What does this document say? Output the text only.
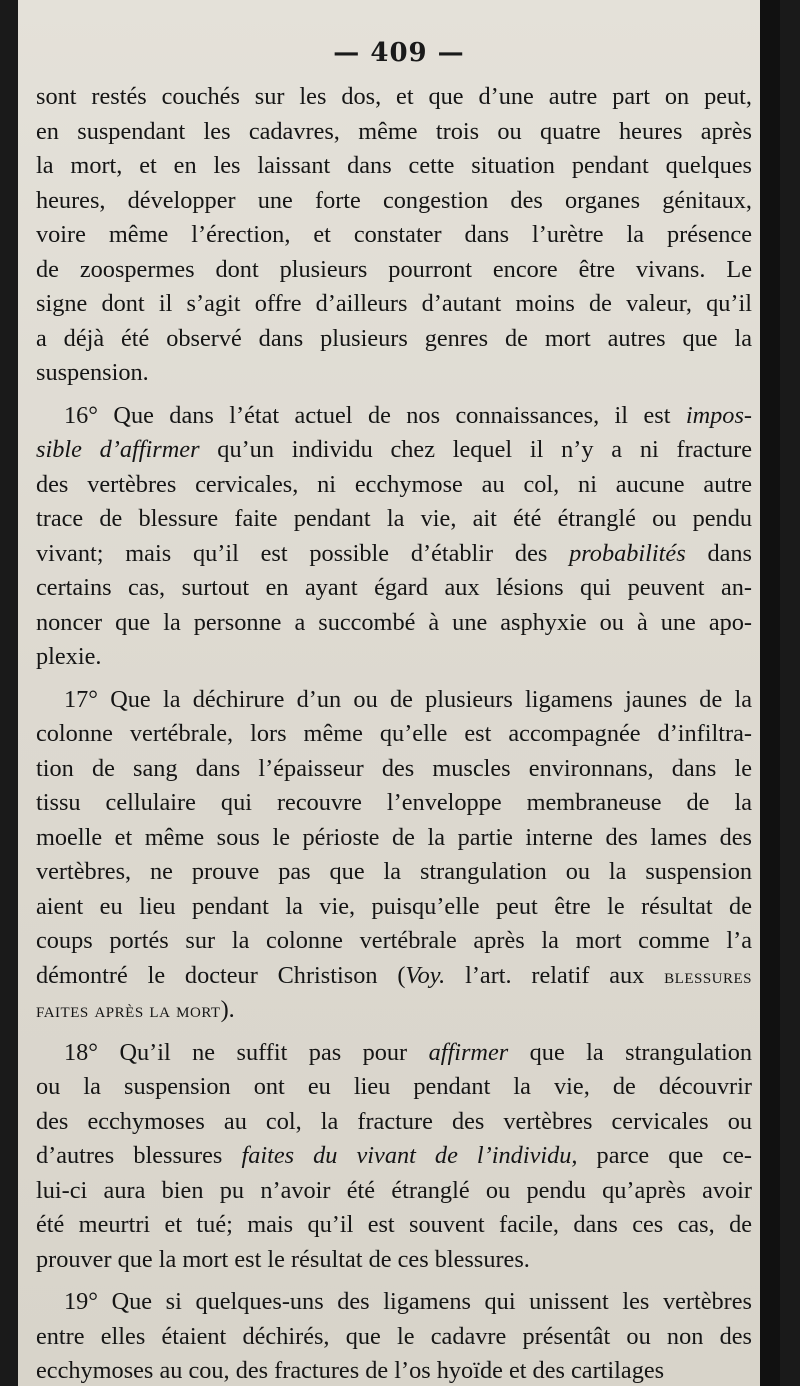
— 409 —
sont restés couchés sur les dos, et que d’une autre part on peut,
en suspendant les cadavres, même trois ou quatre heures après
la mort, et en les laissant dans cette situation pendant quelques
heures, développer une forte congestion des organes génitaux,
voire même l’érection, et constater dans l’urètre la présence
de zoospermes dont plusieurs pourront encore être vivans. Le
signe dont il s’agit offre d’ailleurs d’autant moins de valeur, qu’il
a déjà été observé dans plusieurs genres de mort autres que la
suspension.
16° Que dans l’état actuel de nos connaissances, il est impos-
sible d’affirmer qu’un individu chez lequel il n’y a ni fracture
des vertèbres cervicales, ni ecchymose au col, ni aucune autre
trace de blessure faite pendant la vie, ait été étranglé ou pendu
vivant; mais qu’il est possible d’établir des probabilités dans
certains cas, surtout en ayant égard aux lésions qui peuvent an-
noncer que la personne a succombé à une asphyxie ou à une apo-
plexie.
17° Que la déchirure d’un ou de plusieurs ligamens jaunes de la
colonne vertébrale, lors même qu’elle est accompagnée d’infiltra-
tion de sang dans l’épaisseur des muscles environnans, dans le
tissu cellulaire qui recouvre l’enveloppe membraneuse de la
moelle et même sous le périoste de la partie interne des lames des
vertèbres, ne prouve pas que la strangulation ou la suspension
aient eu lieu pendant la vie, puisqu’elle peut être le résultat de
coups portés sur la colonne vertébrale après la mort comme l’a
démontré le docteur Christison (Voy. l’art. relatif aux blessures
faites après la mort).
18° Qu’il ne suffit pas pour affirmer que la strangulation
ou la suspension ont eu lieu pendant la vie, de découvrir
des ecchymoses au col, la fracture des vertèbres cervicales ou
d’autres blessures faites du vivant de l’individu, parce que ce-
lui-ci aura bien pu n’avoir été étranglé ou pendu qu’après avoir
été meurtri et tué; mais qu’il est souvent facile, dans ces cas, de
prouver que la mort est le résultat de ces blessures.
19° Que si quelques-uns des ligamens qui unissent les vertèbres
entre elles étaient déchirés, que le cadavre présentât ou non des
ecchymoses au cou, des fractures de l’os hyoïde et des cartilages
